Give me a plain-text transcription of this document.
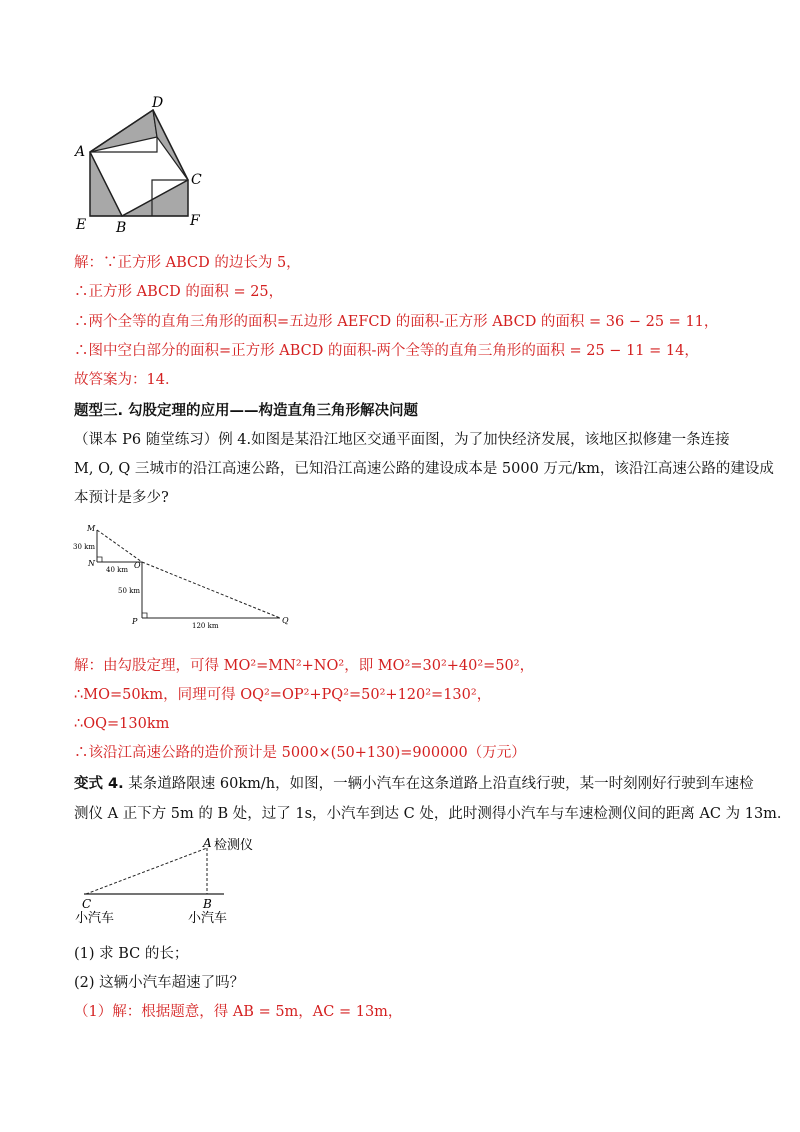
D
A
C
E B	F
解：∵正方形 ABCD 的边长为 5，
∴正方形 ABCD 的面积 = 25，
∴两个全等的直角三角形的面积=五边形 AEFCD 的面积-正方形 ABCD 的面积 = 36 − 25 = 11，
∴图中空白部分的面积=正方形 ABCD 的面积-两个全等的直角三角形的面积 = 25 − 11 = 14，
故答案为：14．
题型三. 勾股定理的应用——构造直角三角形解决问题
（课本 P6 随堂练习）例 4.如图是某沿江地区交通平面图，为了加快经济发展，该地区拟修建一条连接
M, O, Q 三城市的沿江高速公路，已知沿江高速公路的建设成本是 5000 万元/km，该沿江高速公路的建设成
本预计是多少?
M
N	O
P	Q
30 km
40 km
50 km
120 km
解：由勾股定理，可得 MO²=MN²+NO²，即 MO²=30²+40²=50²，
∴MO=50km，同理可得 OQ²=OP²+PQ²=50²+120²=130²，
∴OQ=130km
∴该沿江高速公路的造价预计是 5000×(50+130)=900000（万元）
变式 4. 某条道路限速 60km/h，如图，一辆小汽车在这条道路上沿直线行驶，某一时刻刚好行驶到车速检
测仪 A 正下方 5m 的 B 处，过了 1s，小汽车到达 C 处，此时测得小汽车与车速检测仪间的距离 AC 为 13m．
A 检测仪
C	B
小汽车	小汽车
(1) 求 BC 的长；
(2) 这辆小汽车超速了吗？
（1）解：根据题意，得 AB = 5m，AC = 13m，
